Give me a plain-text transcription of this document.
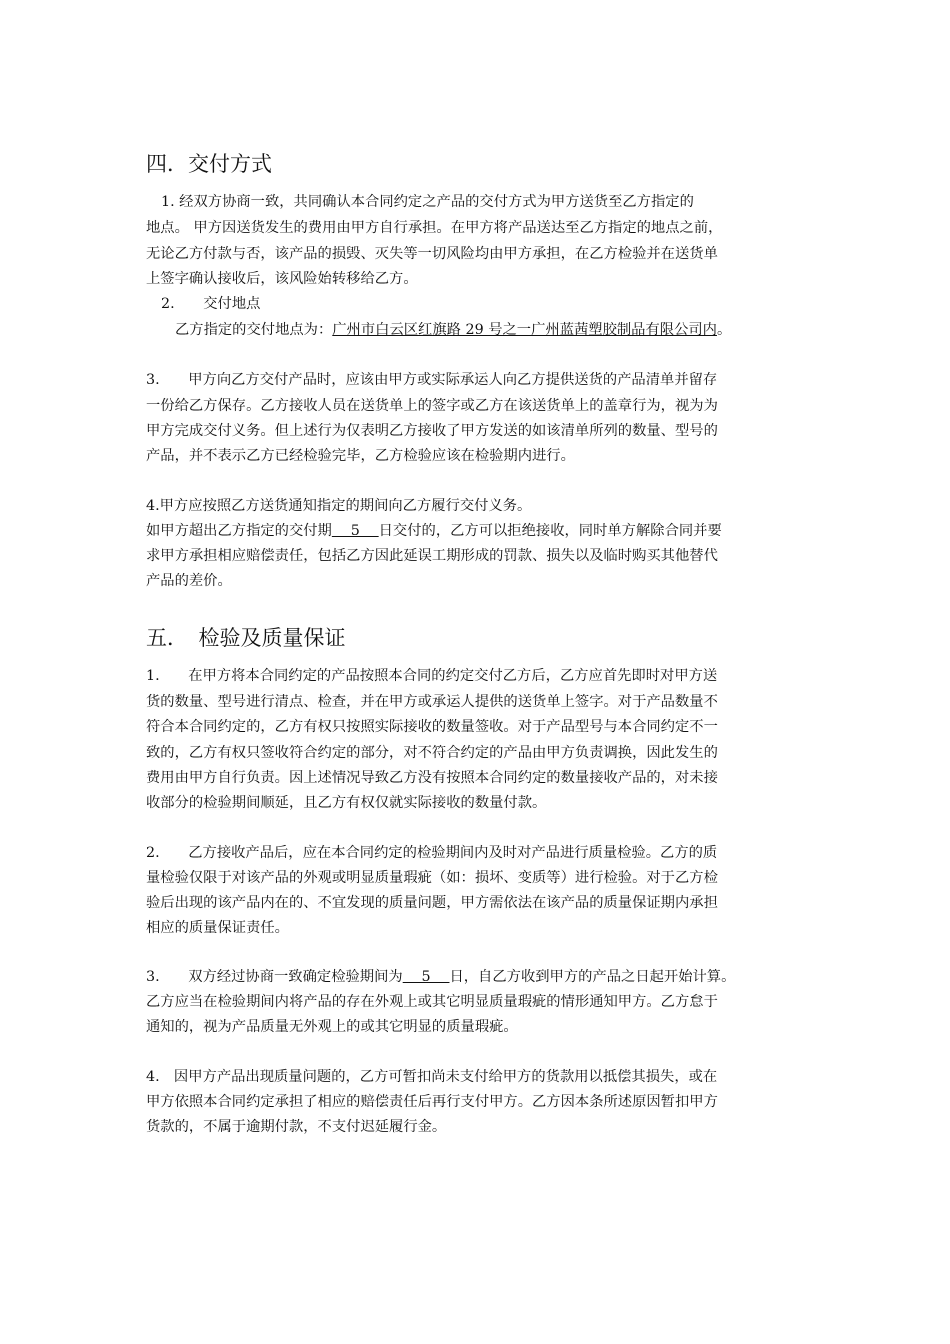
四．交付方式
1. 经双方协商一致，共同确认本合同约定之产品的交付方式为甲方送货至乙方指定的
地点。 甲方因送货发生的费用由甲方自行承担。在甲方将产品送达至乙方指定的地点之前，
无论乙方付款与否，该产品的损毁、灭失等一切风险均由甲方承担，在乙方检验并在送货单
上签字确认接收后，该风险始转移给乙方。
2.　　交付地点
乙方指定的交付地点为：广州市白云区红旗路 29 号之一广州蓝茜塑胶制品有限公司内。
3.　　甲方向乙方交付产品时，应该由甲方或实际承运人向乙方提供送货的产品清单并留存
一份给乙方保存。乙方接收人员在送货单上的签字或乙方在该送货单上的盖章行为，视为为
甲方完成交付义务。但上述行为仅表明乙方接收了甲方发送的如该清单所列的数量、型号的
产品，并不表示乙方已经检验完毕，乙方检验应该在检验期内进行。
4.甲方应按照乙方送货通知指定的期间向乙方履行交付义务。
如甲方超出乙方指定的交付期　 5 　日交付的，乙方可以拒绝接收，同时单方解除合同并要
求甲方承担相应赔偿责任，包括乙方因此延误工期形成的罚款、损失以及临时购买其他替代
产品的差价。
五．　检验及质量保证
1.　　在甲方将本合同约定的产品按照本合同的约定交付乙方后，乙方应首先即时对甲方送
货的数量、型号进行清点、检查，并在甲方或承运人提供的送货单上签字。对于产品数量不
符合本合同约定的，乙方有权只按照实际接收的数量签收。对于产品型号与本合同约定不一
致的，乙方有权只签收符合约定的部分，对不符合约定的产品由甲方负责调换，因此发生的
费用由甲方自行负责。因上述情况导致乙方没有按照本合同约定的数量接收产品的，对未接
收部分的检验期间顺延，且乙方有权仅就实际接收的数量付款。
2.　　乙方接收产品后，应在本合同约定的检验期间内及时对产品进行质量检验。乙方的质
量检验仅限于对该产品的外观或明显质量瑕疵（如：损坏、变质等）进行检验。对于乙方检
验后出现的该产品内在的、不宜发现的质量问题，甲方需依法在该产品的质量保证期内承担
相应的质量保证责任。
3.　　双方经过协商一致确定检验期间为　 5 　日，自乙方收到甲方的产品之日起开始计算。
乙方应当在检验期间内将产品的存在外观上或其它明显质量瑕疵的情形通知甲方。乙方怠于
通知的，视为产品质量无外观上的或其它明显的质量瑕疵。
4.　因甲方产品出现质量问题的，乙方可暂扣尚未支付给甲方的货款用以抵偿其损失，或在
甲方依照本合同约定承担了相应的赔偿责任后再行支付甲方。乙方因本条所述原因暂扣甲方
货款的，不属于逾期付款，不支付迟延履行金。
